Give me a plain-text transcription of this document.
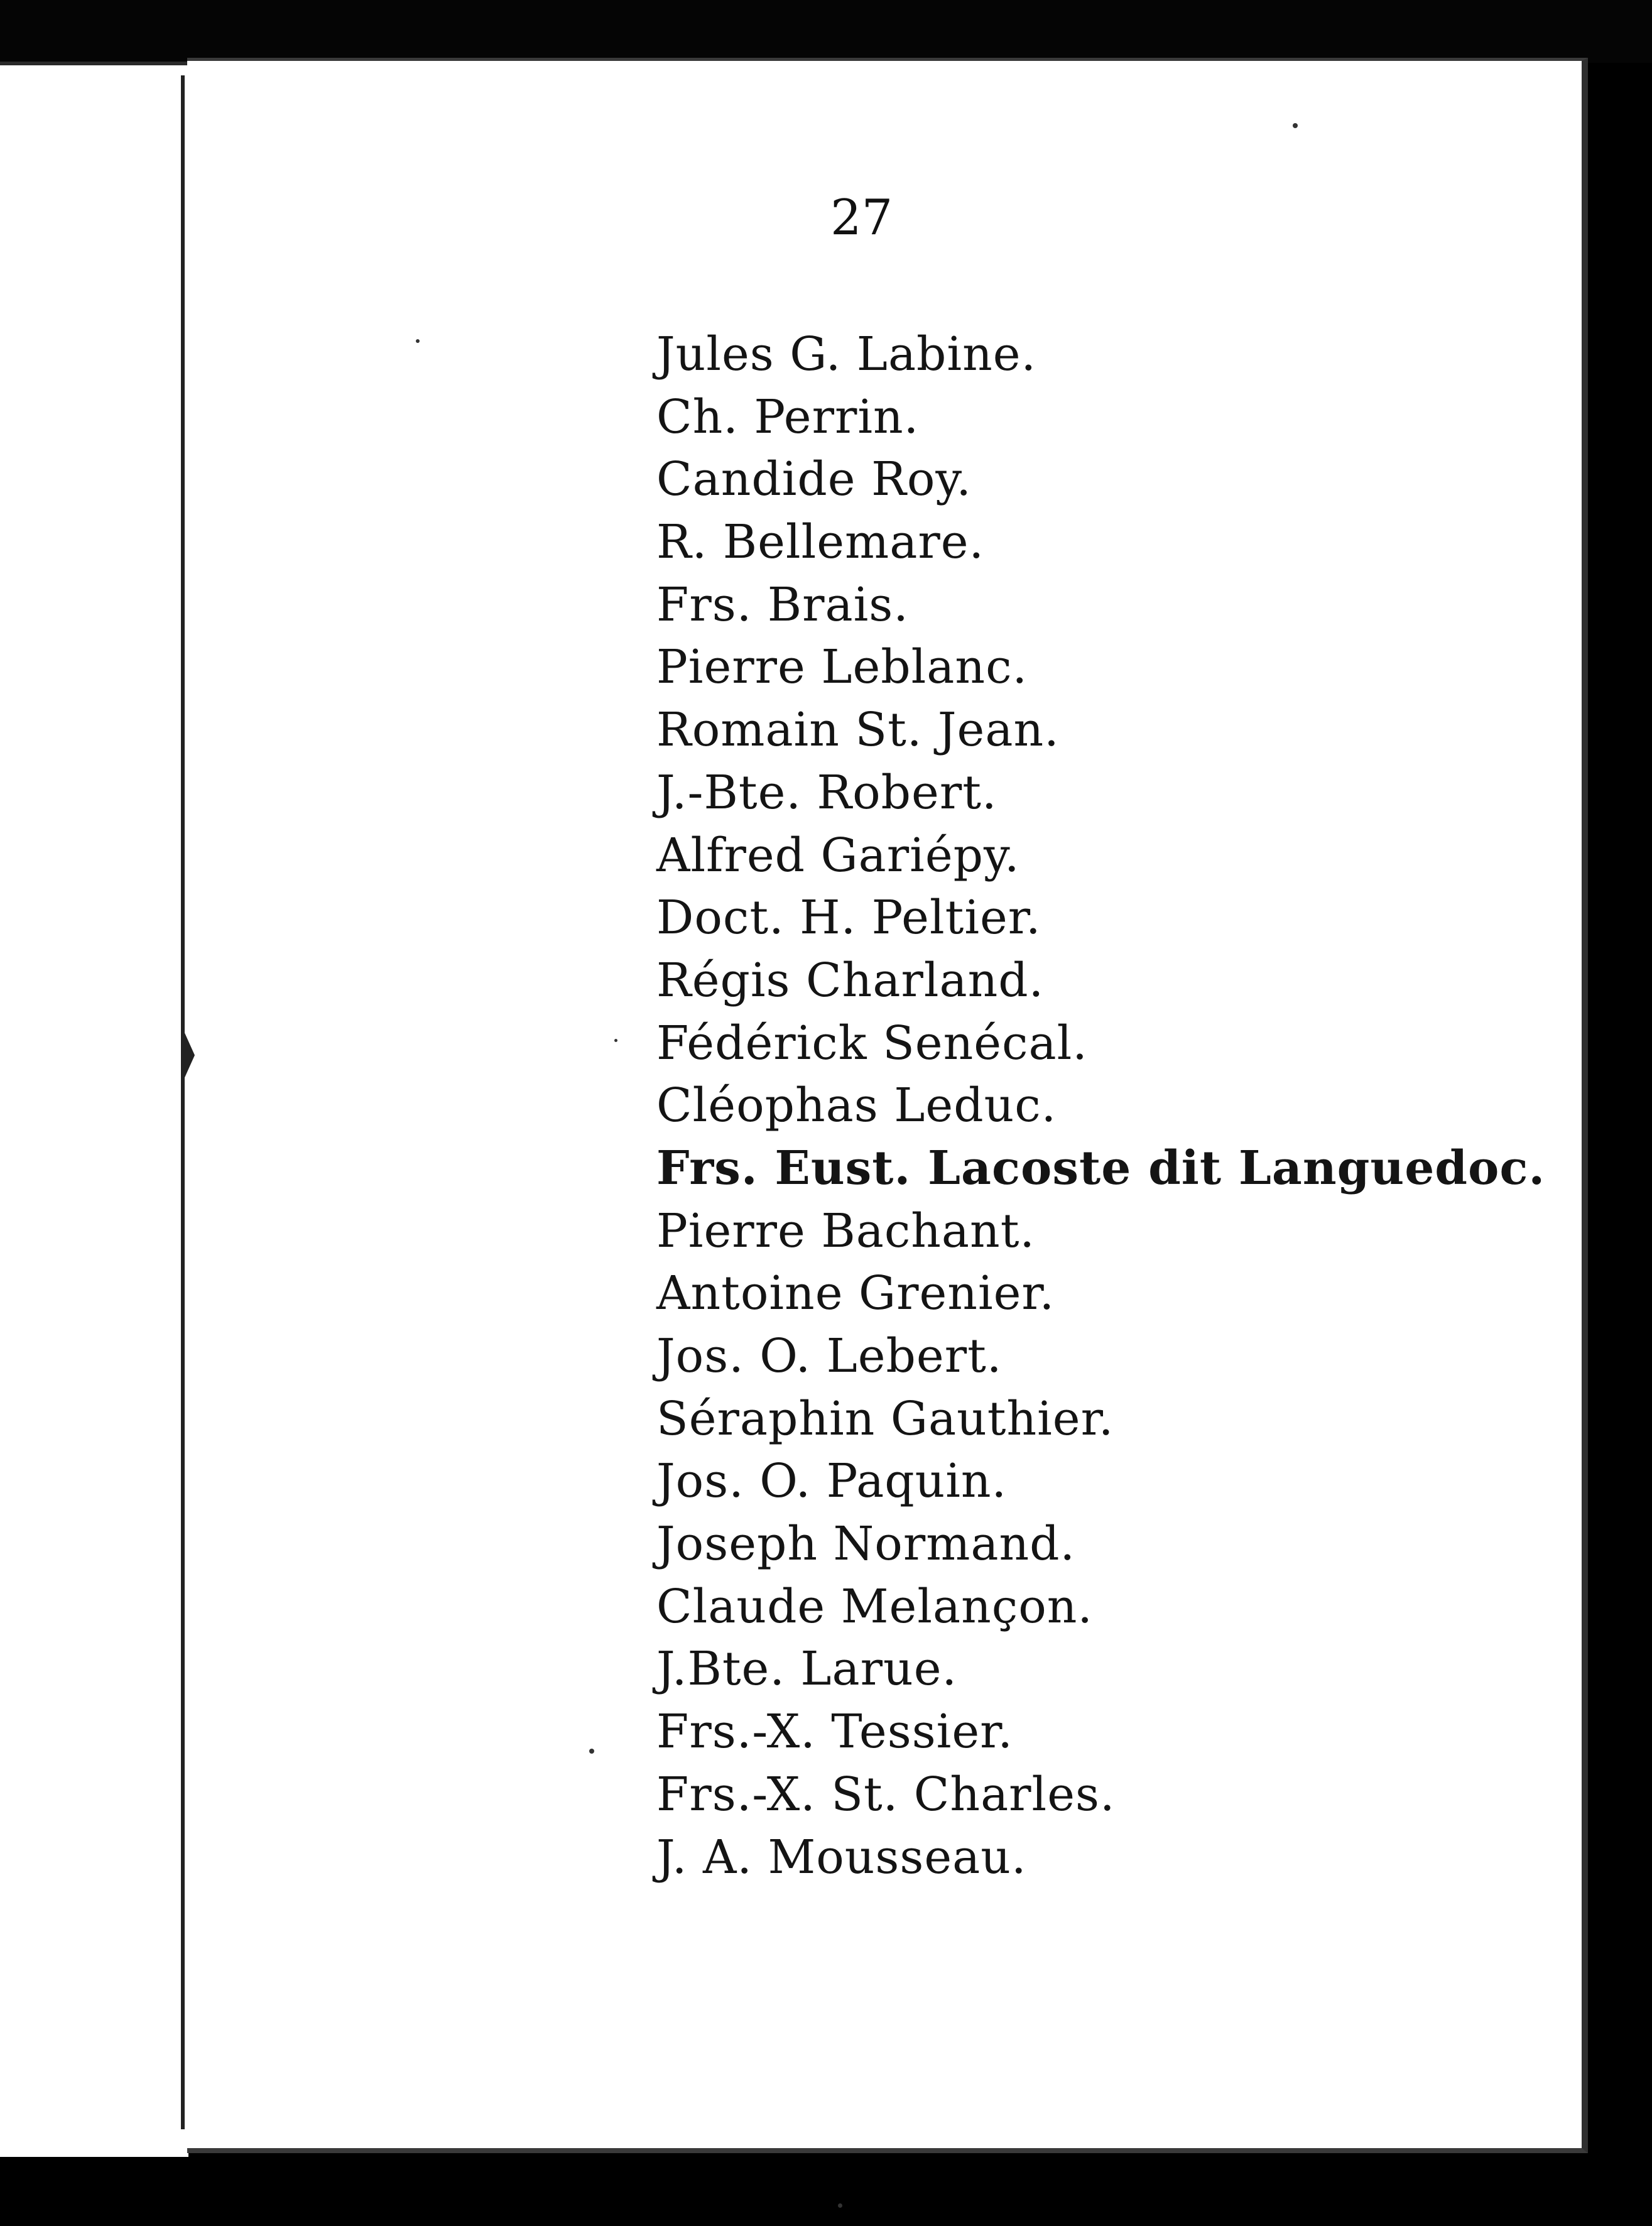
27

Jules G. Labine.
Ch. Perrin.
Candide Roy.
R. Bellemare.
Frs. Brais.
Pierre Leblanc.
Romain St. Jean.
J.-Bte. Robert.
Alfred Gariépy.
Doct. H. Peltier.
Régis Charland.
Fédérick Senécal.
Cléophas Leduc.
Frs. Eust. Lacoste dit Languedoc.
Pierre Bachant.
Antoine Grenier.
Jos. O. Lebert.
Séraphin Gauthier.
Jos. O. Paquin.
Joseph Normand.
Claude Melançon.
J.Bte. Larue.
Frs.-X. Tessier.
Frs.-X. St. Charles.
J. A. Mousseau.
